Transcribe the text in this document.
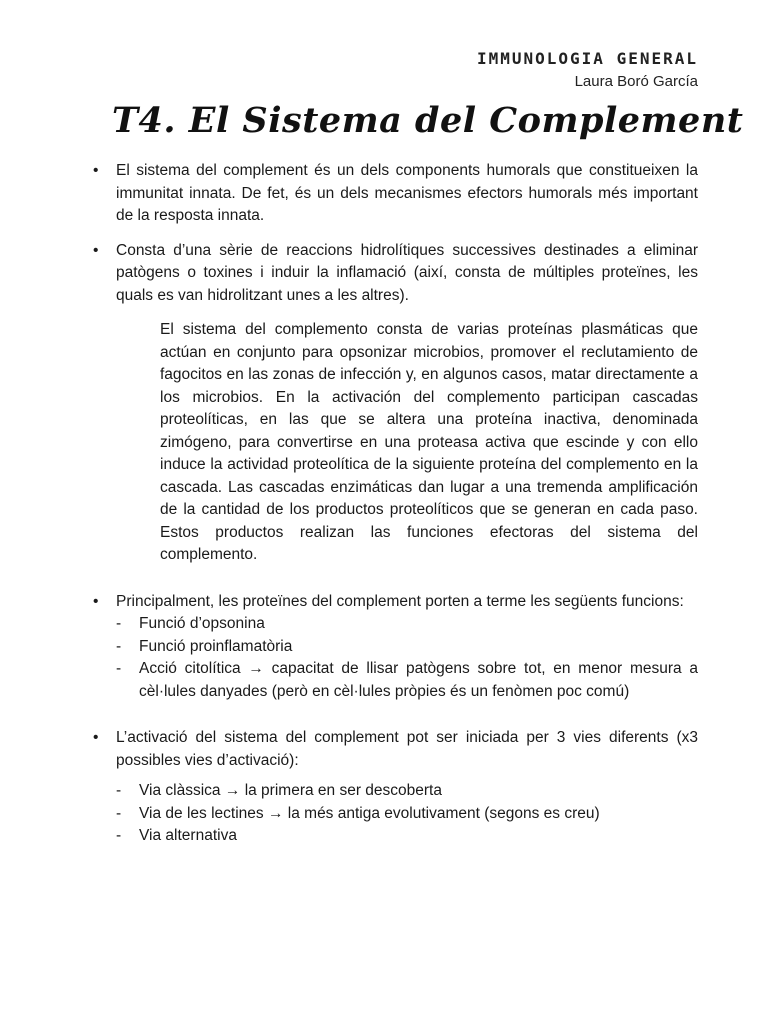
IMMUNOLOGIA GENERAL
Laura Boró García
T4. El Sistema del Complement
• El sistema del complement és un dels components humorals que constitueixen la immunitat innata. De fet, és un dels mecanismes efectors humorals més important de la resposta innata.
• Consta d’una sèrie de reaccions hidrolítiques successives destinades a eliminar patògens o toxines i induir la inflamació (així, consta de múltiples proteïnes, les quals es van hidrolitzant unes a les altres).
El sistema del complemento consta de varias proteínas plasmáticas que actúan en conjunto para opsonizar microbios, promover el reclutamiento de fagocitos en las zonas de infección y, en algunos casos, matar directamente a los microbios. En la activación del complemento participan cascadas proteolíticas, en las que se altera una proteína inactiva, denominada zimógeno, para convertirse en una proteasa activa que escinde y con ello induce la actividad proteolítica de la siguiente proteína del complemento en la cascada. Las cascadas enzimáticas dan lugar a una tremenda amplificación de la cantidad de los productos proteolíticos que se generan en cada paso. Estos productos realizan las funciones efectoras del sistema del complemento.
• Principalment, les proteïnes del complement porten a terme les següents funcions:
- Funció d’opsonina
- Funció proinflamatòria
- Acció citolítica → capacitat de llisar patògens sobre tot, en menor mesura a cèl·lules danyades (però en cèl·lules pròpies és un fenòmen poc comú)
• L’activació del sistema del complement pot ser iniciada per 3 vies diferents (x3 possibles vies d’activació):
- Via clàssica → la primera en ser descoberta
- Via de les lectines → la més antiga evolutivament (segons es creu)
- Via alternativa
